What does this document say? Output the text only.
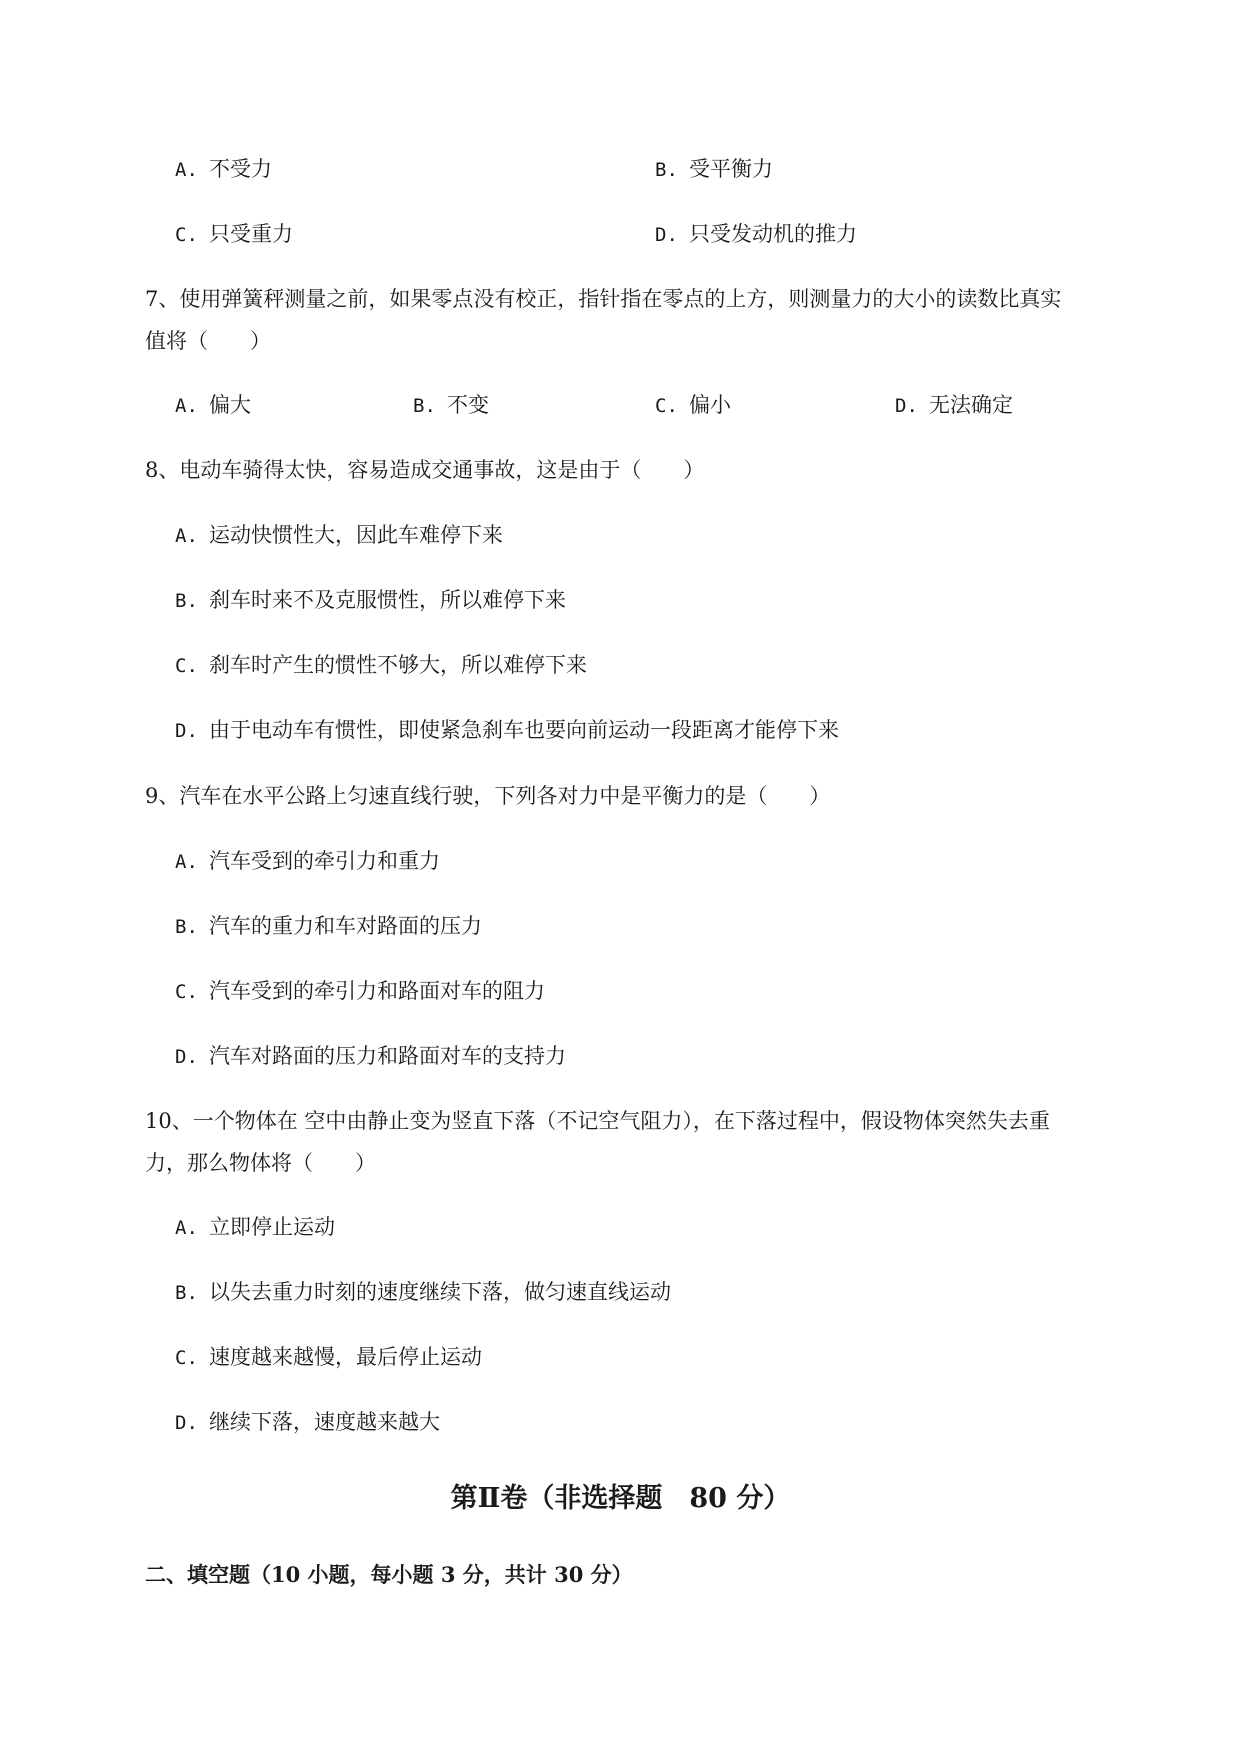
A. 不受力	B. 受平衡力
C. 只受重力	D. 只受发动机的推力
7、使用弹簧秤测量之前，如果零点没有校正，指针指在零点的上方，则测量力的大小的读数比真实
值将（　　）
A. 偏大	B. 不变	C. 偏小	D. 无法确定
8、电动车骑得太快，容易造成交通事故，这是由于（　　）
A. 运动快惯性大，因此车难停下来
B. 刹车时来不及克服惯性，所以难停下来
C. 刹车时产生的惯性不够大，所以难停下来
D. 由于电动车有惯性，即使紧急刹车也要向前运动一段距离才能停下来
9、汽车在水平公路上匀速直线行驶，下列各对力中是平衡力的是（　　）
A. 汽车受到的牵引力和重力
B. 汽车的重力和车对路面的压力
C. 汽车受到的牵引力和路面对车的阻力
D. 汽车对路面的压力和路面对车的支持力
10、一个物体在 空中由静止变为竖直下落（不记空气阻力），在下落过程中，假设物体突然失去重
力，那么物体将（　　）
A. 立即停止运动
B. 以失去重力时刻的速度继续下落，做匀速直线运动
C. 速度越来越慢，最后停止运动
D. 继续下落，速度越来越大
第Ⅱ卷（非选择题　80 分）
二、填空题（10 小题，每小题 3 分，共计 30 分）
